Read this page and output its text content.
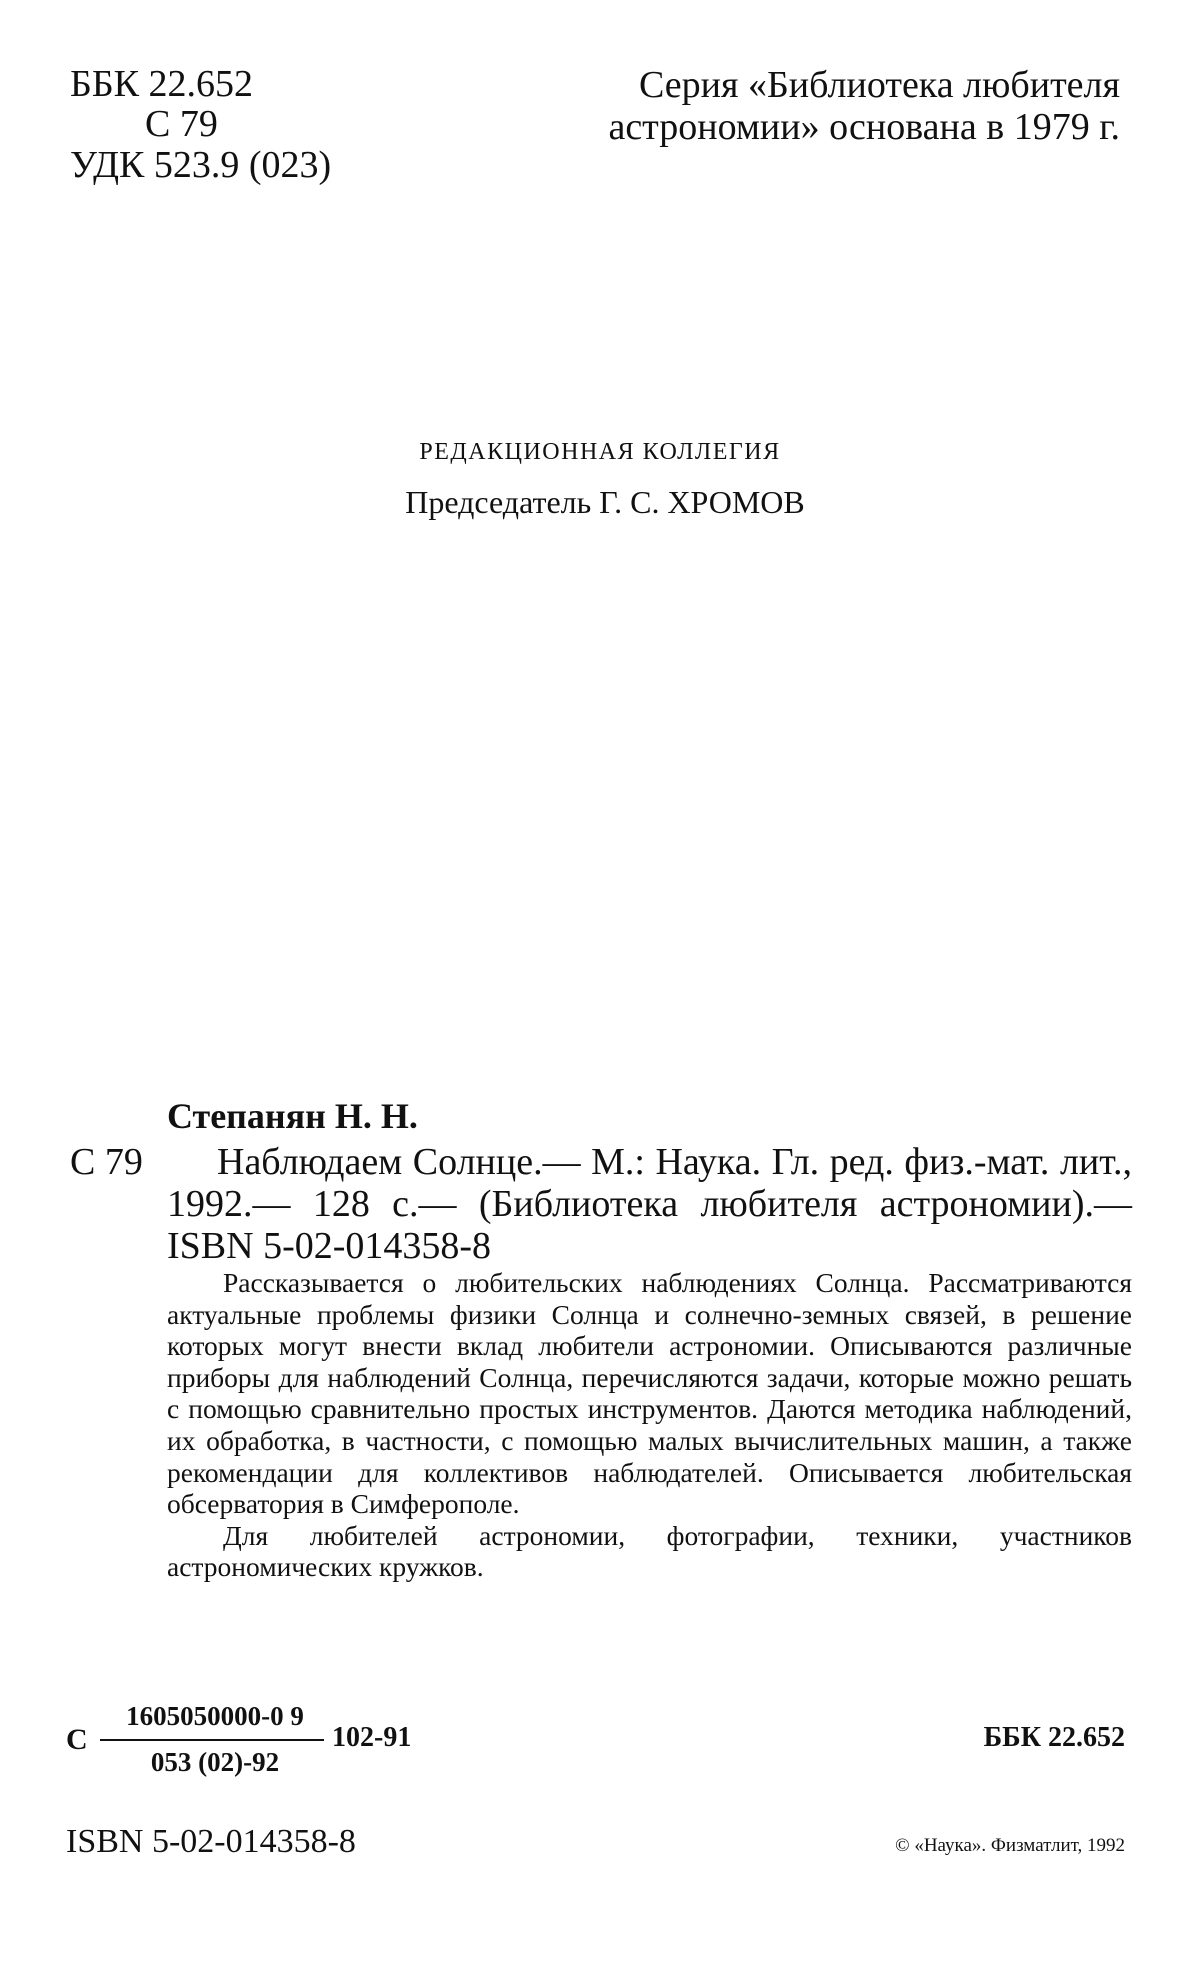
ББК 22.652
С 79
УДК 523.9 (023)
Серия «Библиотека любителя
астрономии» основана в 1979 г.
РЕДАКЦИОННАЯ КОЛЛЕГИЯ
Председатель Г. С. ХРОМОВ
Степанян Н. Н.
С 79	Наблюдаем Солнце.— М.: Наука. Гл. ред. физ.-мат. лит., 1992.— 128 с.— (Библиотека любителя астрономии).— ISBN 5-02-014358-8

Рассказывается о любительских наблюдениях Солнца. Рассматриваются актуальные проблемы физики Солнца и солнечно-земных связей, в решение которых могут внести вклад любители астрономии. Описываются различные приборы для наблюдений Солнца, перечисляются задачи, которые можно решать с помощью сравнительно простых инструментов. Даются методика наблюдений, их обработка, в частности, с помощью малых вычислительных машин, а также рекомендации для коллективов наблюдателей. Описывается любительская обсерватория в Симферополе.

Для любителей астрономии, фотографии, техники, участников астрономических кружков.

С
1605050000-0 9
053 (02)-92
102-91	ББК 22.652
ISBN 5-02-014358-8	© «Наука». Физматлит, 1992
